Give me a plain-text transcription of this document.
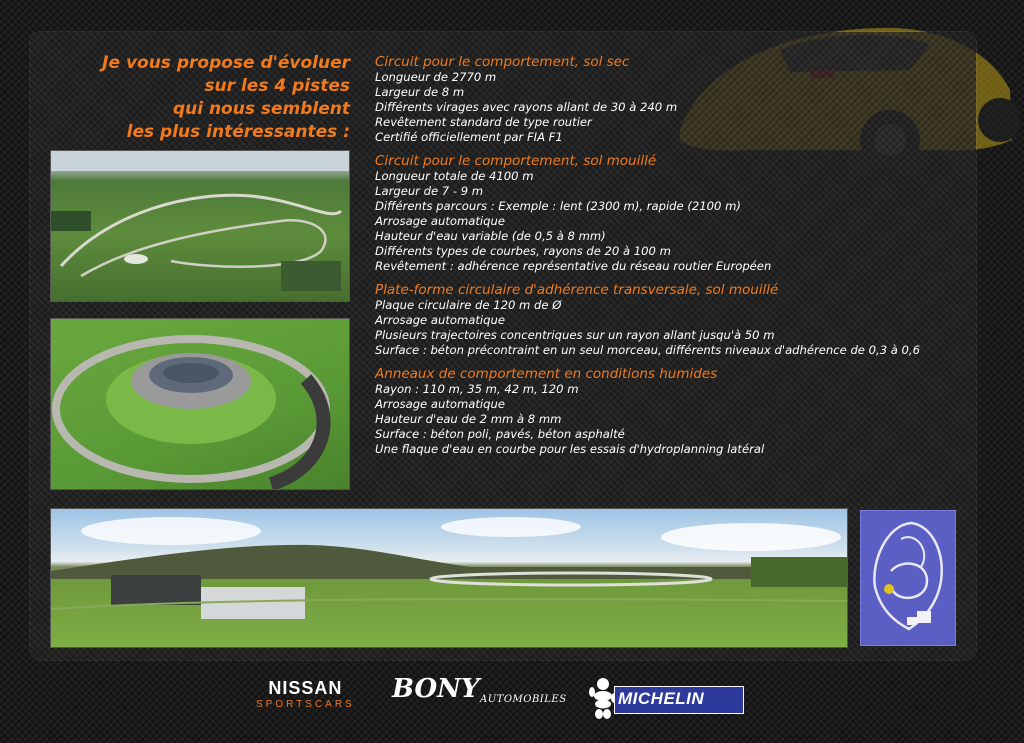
Je vous propose d'évoluer
sur les 4 pistes
qui nous semblent
les plus intéressantes :
Circuit pour le comportement, sol sec

Longueur de 2770 m

Largeur de 8 m

Différents virages avec rayons allant de 30 à 240 m

Revêtement standard de type routier

Certifié officiellement par FIA F1

Circuit pour le comportement, sol mouillé

Longueur totale de 4100 m

Largeur de 7 - 9 m

Différents parcours : Exemple : lent (2300 m), rapide (2100 m)

Arrosage automatique

Hauteur d'eau variable (de 0,5 à 8 mm)

Différents types de courbes, rayons de 20 à 100 m

Revêtement : adhérence représentative du réseau routier Européen

Plate-forme circulaire d'adhérence transversale, sol mouillé

Plaque circulaire de 120 m de Ø

Arrosage automatique

Plusieurs trajectoires concentriques sur un rayon allant jusqu'à 50 m

Surface : béton précontraint en un seul morceau, différents niveaux d'adhérence de 0,3 à 0,6

Anneaux de comportement en conditions humides

Rayon : 110 m, 35 m, 42 m, 120 m

Arrosage automatique

Hauteur d'eau de 2 mm à 8 mm

Surface : béton poli, pavés, béton asphalté

Une flaque d'eau en courbe pour les essais d'hydroplanning latéral

NISSAN
SPORTSCARS
BONY AUTOMOBILES	MICHELIN
